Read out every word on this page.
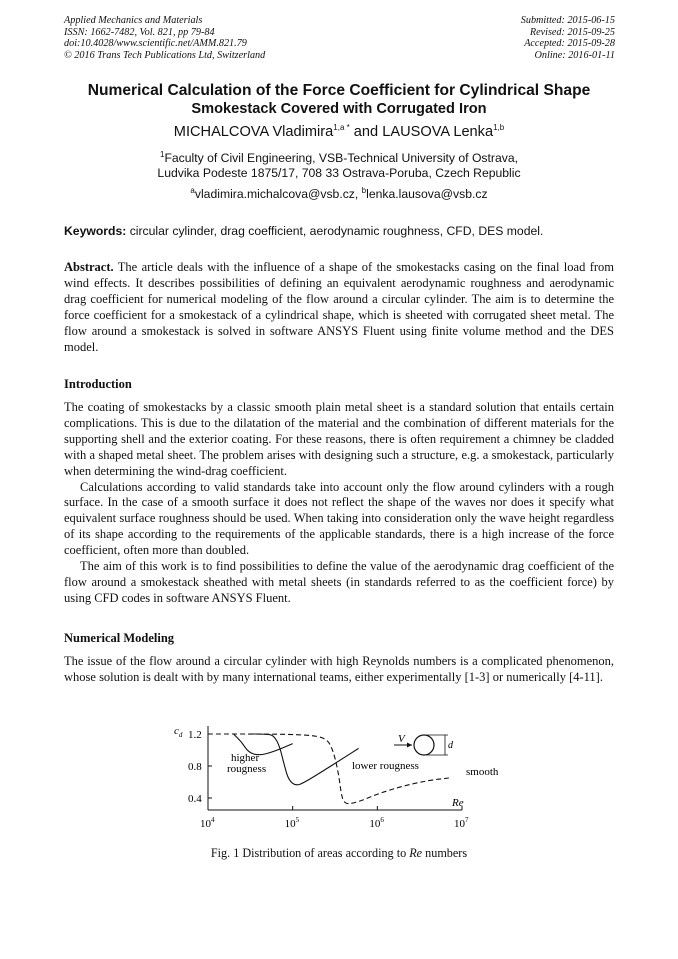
Applied Mechanics and Materials
ISSN: 1662-7482, Vol. 821, pp 79-84
doi:10.4028/www.scientific.net/AMM.821.79
© 2016 Trans Tech Publications Ltd, Switzerland
Submitted: 2015-06-15
Revised: 2015-09-25
Accepted: 2015-09-28
Online: 2016-01-11
Numerical Calculation of the Force Coefficient for Cylindrical Shape
Smokestack Covered with Corrugated Iron
MICHALCOVA Vladimira$^{1,a *}$ and LAUSOVA Lenka$^{1,b}$
$^1$Faculty of Civil Engineering, VSB-Technical University of Ostrava,
Ludvika Podeste 1875/17, 708 33 Ostrava-Poruba, Czech Republic
$^a$vladimira.michalcova@vsb.cz, $^b$lenka.lausova@vsb.cz
Keywords: circular cylinder, drag coefficient, aerodynamic roughness, CFD, DES model.

Abstract. The article deals with the influence of a shape of the smokestacks casing on the final load from wind effects. It describes possibilities of defining an equivalent aerodynamic roughness and aerodynamic drag coefficient for numerical modeling of the flow around a circular cylinder. The aim is to determine the force coefficient for a smokestack of a cylindrical shape, which is sheeted with corrugated sheet metal. The flow around a smokestack is solved in software ANSYS Fluent using finite volume method and the DES model.

Introduction

The coating of smokestacks by a classic smooth plain metal sheet is a standard solution that entails certain complications. This is due to the dilatation of the material and the combination of different materials for the supporting shell and the exterior coating. For these reasons, there is often requirement a chimney be cladded with a shaped metal sheet. The problem arises with designing such a structure, e.g. a smokestack, particularly when determining the wind-drag coefficient.

Calculations according to valid standards take into account only the flow around cylinders with a rough surface. In the case of a smooth surface it does not reflect the shape of the waves nor does it specify what equivalent surface roughness should be used. When taking into consideration only the wave height regardless of its shape according to the requirements of the applicable standards, there is a high increase of the force coefficient, often more than doubled.

The aim of this work is to find possibilities to define the value of the aerodynamic drag coefficient of the flow around a smokestack sheathed with metal sheets (in standards referred to as the coefficient force) by using CFD codes in software ANSYS Fluent.

Numerical Modeling

The issue of the flow around a circular cylinder with high Reynolds numbers is a complicated phenomenon, whose solution is dealt with by many international teams, either experimentally [1-3] or numerically [4-11].

$10^4$	$10^5$	$10^6$	$10^7$
1.2
0.8
0.4
$c_d$
Re
higher
rougness	lower rougness	smooth
V
d
Fig. 1 Distribution of areas according to Re numbers
